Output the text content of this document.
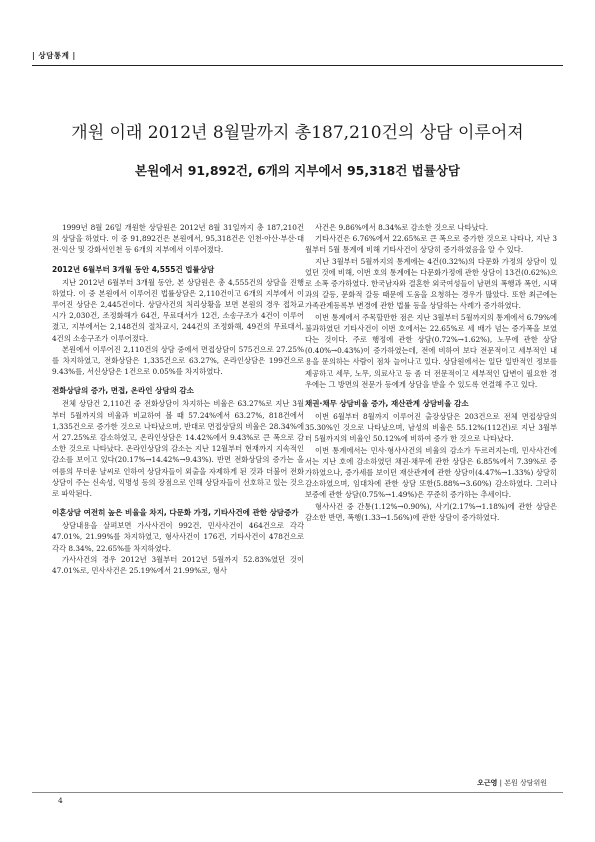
| 상담통계 |
개원 이래 2012년 8월말까지 총187,210건의 상담 이루어져
본원에서 91,892건, 6개의 지부에서 95,318건 법률상담

1999년 8월 26일 개원한 상담원은 2012년 8월 31일까지 총 187,210건의 상담을 하였다. 이 중 91,892건은 본원에서, 95,318건은 인천·아산·부산·대전·익산 및 강화서인천 등 6개의 지부에서 이루어졌다.

2012년 6월부터 3개월 동안 4,555건 법률상담

지난 2012년 6월부터 3개월 동안, 본 상담원은 총 4,555건의 상담을 진행하였다. 이 중 본원에서 이루어진 법률상담은 2,110건이고 6개의 지부에서 이루어진 상담은 2,445건이다. 상담사건의 처리상황을 보면 본원의 경우 접차교시가 2,030건, 조정화해가 64건, 무료대서가 12건, 소송구조가 4건이 이루어졌고, 지부에서는 2,148건의 절차교시, 244건의 조정화해, 49건의 무료대서, 4건의 소송구조가 이루어졌다.

본원에서 이루어진 2,110건의 상담 중에서 면접상담이 575건으로 27.25%를 차지하였고, 전화상담은 1,335건으로 63.27%, 온라인상담은 199건으로 9.43%를, 서신상담은 1건으로 0.05%를 차지하였다.

전화상담의 증가, 면접, 온라인 상담의 감소

전체 상담건 2,110건 중 전화상담이 차지하는 비율은 63.27%로 지난 3월부터 5월까지의 비율과 비교하여 볼 때 57.24%에서 63.27%, 818건에서 1,335건으로 증가한 것으로 나타났으며, 반대로 면접상담의 비율은 28.34%에서 27.25%로 감소하였고, 온라인상담은 14.42%에서 9.43%로 큰 폭으로 감소한 것으로 나타났다. 온라인상담의 감소는 지난 12월부터 현재까지 지속적인 감소를 보이고 있다(20.17%→14.42%→9.43%). 반면 전화상담의 증가는 올 여름의 무더운 날씨로 인하여 상담자들이 외출을 자제하게 된 것과 더불어 전화상담이 주는 신속성, 익명성 등의 장점으로 인해 상담자들이 선호하고 있는 것으로 파악된다.

이혼상담 여전히 높은 비율을 차지, 다문화 가정, 기타사건에 관한 상담증가

상담내용을 살펴보면 가사사건이 992건, 민사사건이 464건으로 각각 47.01%, 21.99%를 차지하였고, 형사사건이 176건, 기타사건이 478건으로 각각 8.34%, 22.65%를 차지하였다.

가사사건의 경우 2012년 3월부터 2012년 5월까지 52.83%였던 것이 47.01%로, 민사사건은 25.19%에서 21.99%로, 형사

사건은 9.86%에서 8.34%로 감소한 것으로 나타났다.

기타사건은 6.76%에서 22.65%로 큰 폭으로 증가한 것으로 나타나, 지난 3월부터 5월 통계에 비해 기타사건이 상당히 증가하였음을 알 수 있다.

지난 3월부터 5월까지의 통계에는 4건(0.32%)의 다문화 가정의 상담이 있었던 것에 비해, 이번 호의 통계에는 다문화가정에 관한 상담이 13건(0.62%)으로 소폭 증가하였다. 한국남자와 결혼한 외국여성들이 남편의 폭행과 폭언, 시댁과의 갈등, 문화적 갈등 때문에 도움을 요청하는 경우가 많았다. 또한 최근에는 가족관계등록부 변경에 관한 법률 등을 상담하는 사례가 증가하였다.

이번 통계에서 주목할만한 점은 지난 3월부터 5월까지의 통계에서 6.79%에 불과하였던 기타사건이 이번 호에서는 22.65%로 세 배가 넘는 증가폭을 보였다는 것이다. 주로 행정에 관한 상담(0.72%→1.62%), 노무에 관한 상담(0.40%→0.43%)이 증가하였는데, 전에 비하여 보다 전문적이고 세부적인 내용을 문의하는 사람이 점차 늘어나고 있다. 상담원에서는 일단 일반적인 정보를 제공하고 세무, 노무, 의료사고 등 좀 더 전문적이고 세부적인 답변이 필요한 경우에는 그 방면의 전문가 등에게 상담을 받을 수 있도록 연결해 주고 있다.

채권·채무 상담비율 증가, 재산관계 상담비율 감소

이번 6월부터 8월까지 이루어진 출장상담은 203건으로 전체 면접상담의 35.30%인 것으로 나타났으며, 남성의 비율은 55.12%(112건)로 지난 3월부터 5월까지의 비율인 50.12%에 비하여 증가 한 것으로 나타났다.

이번 통계에서는 민사·형사사건의 비율의 감소가 두르러지는데, 민사사건에서는 지난 호에 감소하였던 채권·채무에 관한 상담은 6.85%에서 7.39%로 증가하였으나, 증가세를 보이던 재산관계에 관한 상담이(4.47%→1.33%) 상당히 감소하였으며, 임대차에 관한 상담 또한(5.88%→3.60%) 감소하였다. 그러나 보증에 관한 상담(0.75%→1.49%)은 꾸준히 증가하는 추세이다.

형사사건 중 간통(1.12%→0.90%), 사기(2.17%→1.18%)에 관한 상담은 감소한 반면, 폭행(1.33→1.56%)에 관한 상담이 증가하였다.

오근영 | 본원 상담위원
4
